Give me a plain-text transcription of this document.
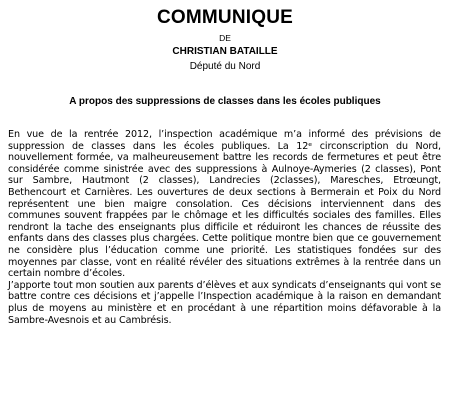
COMMUNIQUE
DE
CHRISTIAN BATAILLE
Député du Nord
A propos des suppressions de classes dans les écoles publiques

En vue de la rentrée 2012, l’inspection académique m’a informé des prévisions de suppression de classes dans les écoles publiques. La 12ᵉ circonscription du Nord, nouvellement formée, va malheureusement battre les records de fermetures et peut être considérée comme sinistrée avec des suppressions à Aulnoye-Aymeries (2 classes), Pont sur Sambre, Hautmont (2 classes), Landrecies (2classes), Maresches, Etrœungt, Bethencourt et Carnières. Les ouvertures de deux sections à Bermerain et Poix du Nord représentent une bien maigre consolation. Ces décisions interviennent dans des communes souvent frappées par le chômage et les difficultés sociales des familles. Elles rendront la tache des enseignants plus difficile et réduiront les chances de réussite des enfants dans des classes plus chargées. Cette politique montre bien que ce gouvernement ne considère plus l’éducation comme une priorité. Les statistiques fondées sur des moyennes par classe, vont en réalité révéler des situations extrêmes à la rentrée dans un certain nombre d’écoles.

J’apporte tout mon soutien aux parents d’élèves et aux syndicats d’enseignants qui vont se battre contre ces décisions et j’appelle l’Inspection académique à la raison en demandant plus de moyens au ministère et en procédant à une répartition moins défavorable à la Sambre-Avesnois et au Cambrésis.
